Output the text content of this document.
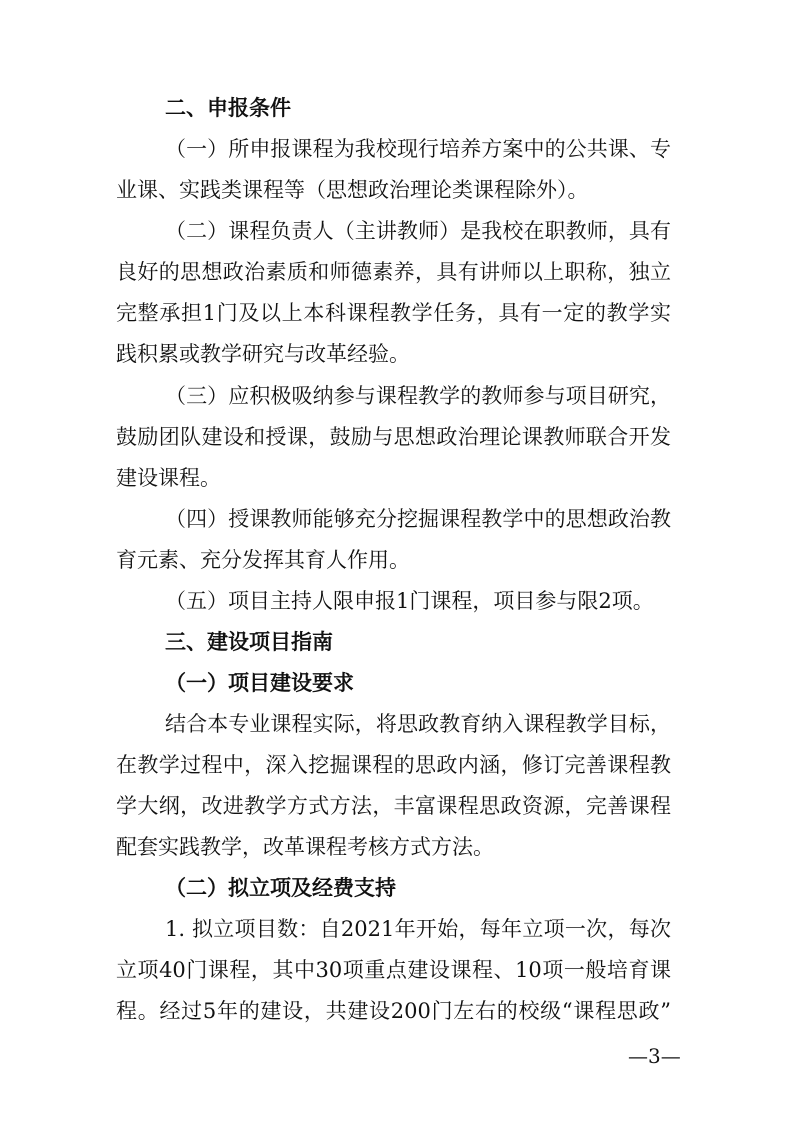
二、申报条件
（一）所申报课程为我校现行培养方案中的公共课、专
业课、实践类课程等（思想政治理论类课程除外）。
（二）课程负责人（主讲教师）是我校在职教师，具有
良好的思想政治素质和师德素养，具有讲师以上职称，独立
完整承担1门及以上本科课程教学任务，具有一定的教学实
践积累或教学研究与改革经验。
（三）应积极吸纳参与课程教学的教师参与项目研究，
鼓励团队建设和授课，鼓励与思想政治理论课教师联合开发
建设课程。
（四）授课教师能够充分挖掘课程教学中的思想政治教
育元素、充分发挥其育人作用。
（五）项目主持人限申报1门课程，项目参与限2项。
三、建设项目指南
（一）项目建设要求
结合本专业课程实际，将思政教育纳入课程教学目标，
在教学过程中，深入挖掘课程的思政内涵，修订完善课程教
学大纲，改进教学方式方法，丰富课程思政资源，完善课程
配套实践教学，改革课程考核方式方法。
（二）拟立项及经费支持
1. 拟立项目数：自2021年开始，每年立项一次，每次
立项40门课程，其中30项重点建设课程、10项一般培育课
程。经过5年的建设，共建设200门左右的校级“课程思政”
—3—
